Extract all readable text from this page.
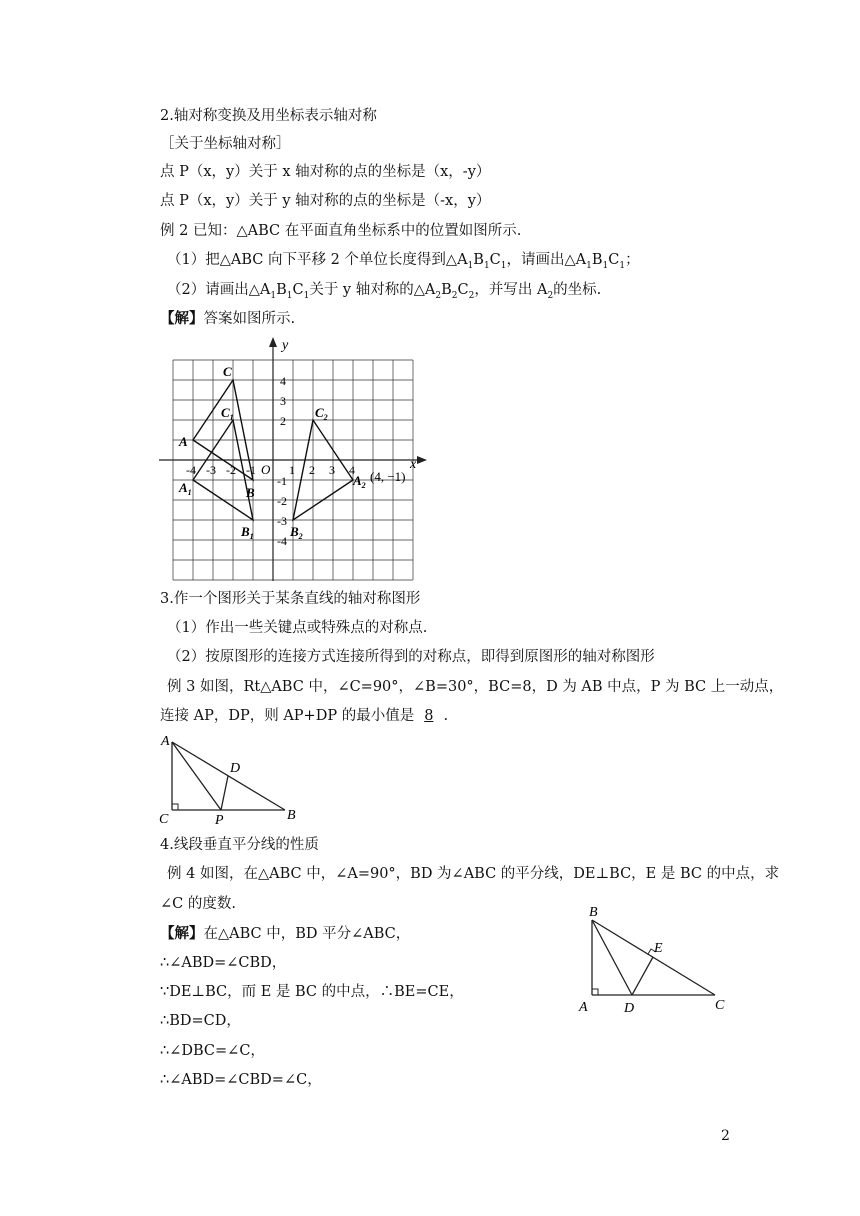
2.轴对称变换及用坐标表示轴对称
［关于坐标轴对称］
点 P（x，y）关于 x 轴对称的点的坐标是（x，-y）
点 P（x，y）关于 y 轴对称的点的坐标是（-x，y）
例 2 已知：△ABC 在平面直角坐标系中的位置如图所示.
（1）把△ABC 向下平移 2 个单位长度得到$\triangle A_1B_1C_1$，请画出$\triangle A_1B_1C_1$；
（2）请画出$\triangle A_1B_1C_1$关于 y 轴对称的$\triangle A_2B_2C_2$，并写出 $A_2$的坐标.
【解】答案如图所示.
-4 -3 -2 -1	1 2 3 4
4
3
2
-1
-2
-3
-4
y
x
O
A
B
C
$A_1$
$B_1$
$C_1$
$A_2$
$B_2$
$C_2$
(4, −1)
3.作一个图形关于某条直线的轴对称图形
（1）作出一些关键点或特殊点的对称点.
（2）按原图形的连接方式连接所得到的对称点，即得到原图形的轴对称图形
例 3 如图，Rt△ABC 中，∠C=90°，∠B=30°，BC=8，D 为 AB 中点，P 为 BC 上一动点，
连接 AP，DP，则 AP+DP 的最小值是 8 .
A
B
C
D
P
4.线段垂直平分线的性质
例 4 如图，在△ABC 中，∠A=90°，BD 为∠ABC 的平分线，DE⊥BC，E 是 BC 的中点，求
∠C 的度数.
【解】在△ABC 中，BD 平分∠ABC，
∴∠ABD=∠CBD，
∵DE⊥BC，而 E 是 BC 的中点，∴BE=CE，
∴BD=CD，
∴∠DBC=∠C，
∴∠ABD=∠CBD=∠C，
B
A	D	C
E
2
